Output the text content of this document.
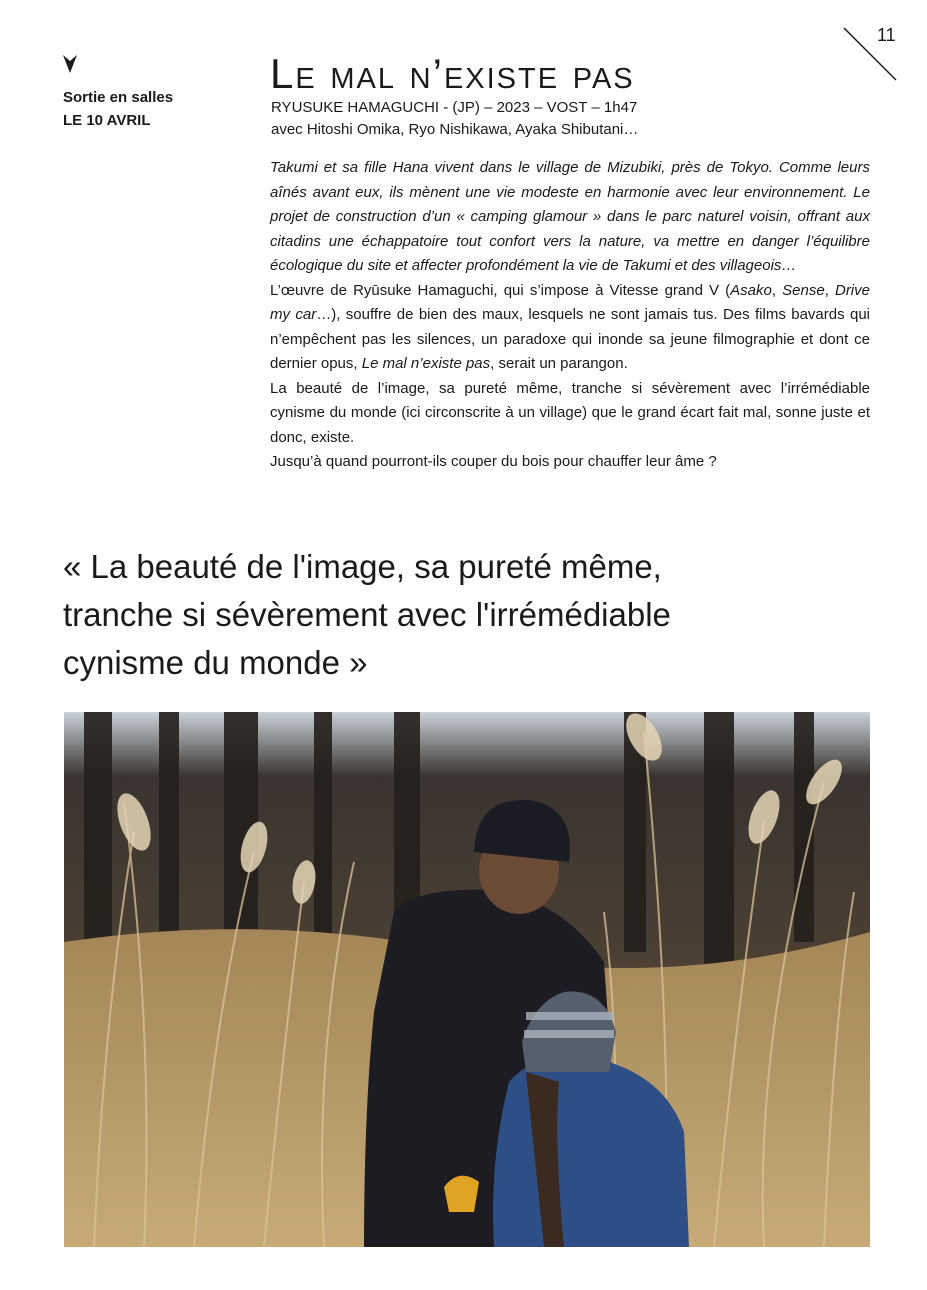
11
Sortie en salles
LE 10 AVRIL
Le mal n’existe pas
RYUSUKE HAMAGUCHI - (JP) – 2023 – VOST – 1h47
avec Hitoshi Omika, Ryo Nishikawa, Ayaka Shibutani…

Takumi et sa fille Hana vivent dans le village de Mizubiki, près de Tokyo. Comme leurs aînés avant eux, ils mènent une vie modeste en harmonie avec leur environnement. Le projet de construction d’un « camping glamour » dans le parc naturel voisin, offrant aux citadins une échappatoire tout confort vers la nature, va mettre en danger l’équilibre écologique du site et affecter profondément la vie de Takumi et des villageois…

L’œuvre de Ryūsuke Hamaguchi, qui s’impose à Vitesse grand V (Asako, Sense, Drive my car…), souffre de bien des maux, lesquels ne sont jamais tus. Des films bavards qui n’empêchent pas les silences, un paradoxe qui inonde sa jeune filmographie et dont ce dernier opus, Le mal n’existe pas, serait un parangon.

La beauté de l’image, sa pureté même, tranche si sévèrement avec l’irrémédiable cynisme du monde (ici circonscrite à un village) que le grand écart fait mal, sonne juste et donc, existe.

Jusqu’à quand pourront-ils couper du bois pour chauffer leur âme ?

« La beauté de l'image, sa pureté même, tranche si sévèrement avec l'irrémédiable cynisme du monde »
